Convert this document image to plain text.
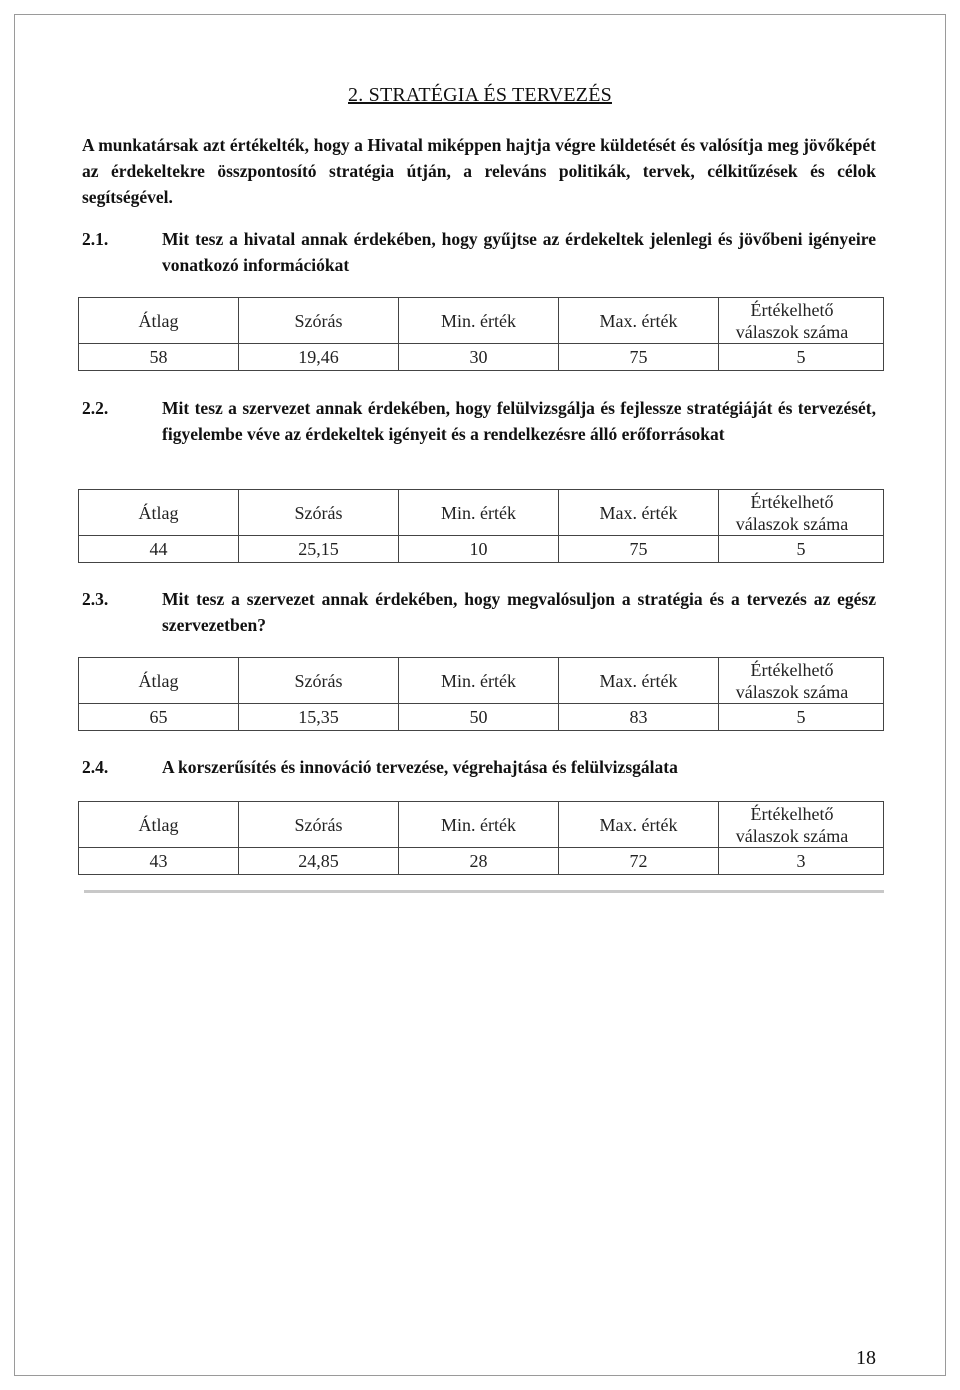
2. STRATÉGIA ÉS TERVEZÉS
A munkatársak azt értékelték, hogy a Hivatal miképpen hajtja végre küldetését és valósítja meg jövőképét az érdekeltekre összpontosító stratégia útján, a releváns politikák, tervek, célkitűzések és célok segítségével.
2.1.	Mit tesz a hivatal annak érdekében, hogy gyűjtse az érdekeltek jelenlegi és jövőbeni igényeire vonatkozó információkat
Átlag	Szórás	Min. érték	Max. érték	Értékelhető
válaszok száma

58	19,46	30	75	5
2.2.	Mit tesz a szervezet annak érdekében, hogy felülvizsgálja és fejlessze stratégiáját és tervezését, figyelembe véve az érdekeltek igényeit és a rendelkezésre álló erőforrásokat
Átlag	Szórás	Min. érték	Max. érték	Értékelhető
válaszok száma

44	25,15	10	75	5
2.3.	Mit tesz a szervezet annak érdekében, hogy megvalósuljon a stratégia és a tervezés az egész szervezetben?
Átlag	Szórás	Min. érték	Max. érték	Értékelhető
válaszok száma

65	15,35	50	83	5
2.4.	A korszerűsítés és innováció tervezése, végrehajtása és felülvizsgálata
Átlag	Szórás	Min. érték	Max. érték	Értékelhető
válaszok száma

43	24,85	28	72	3
18
